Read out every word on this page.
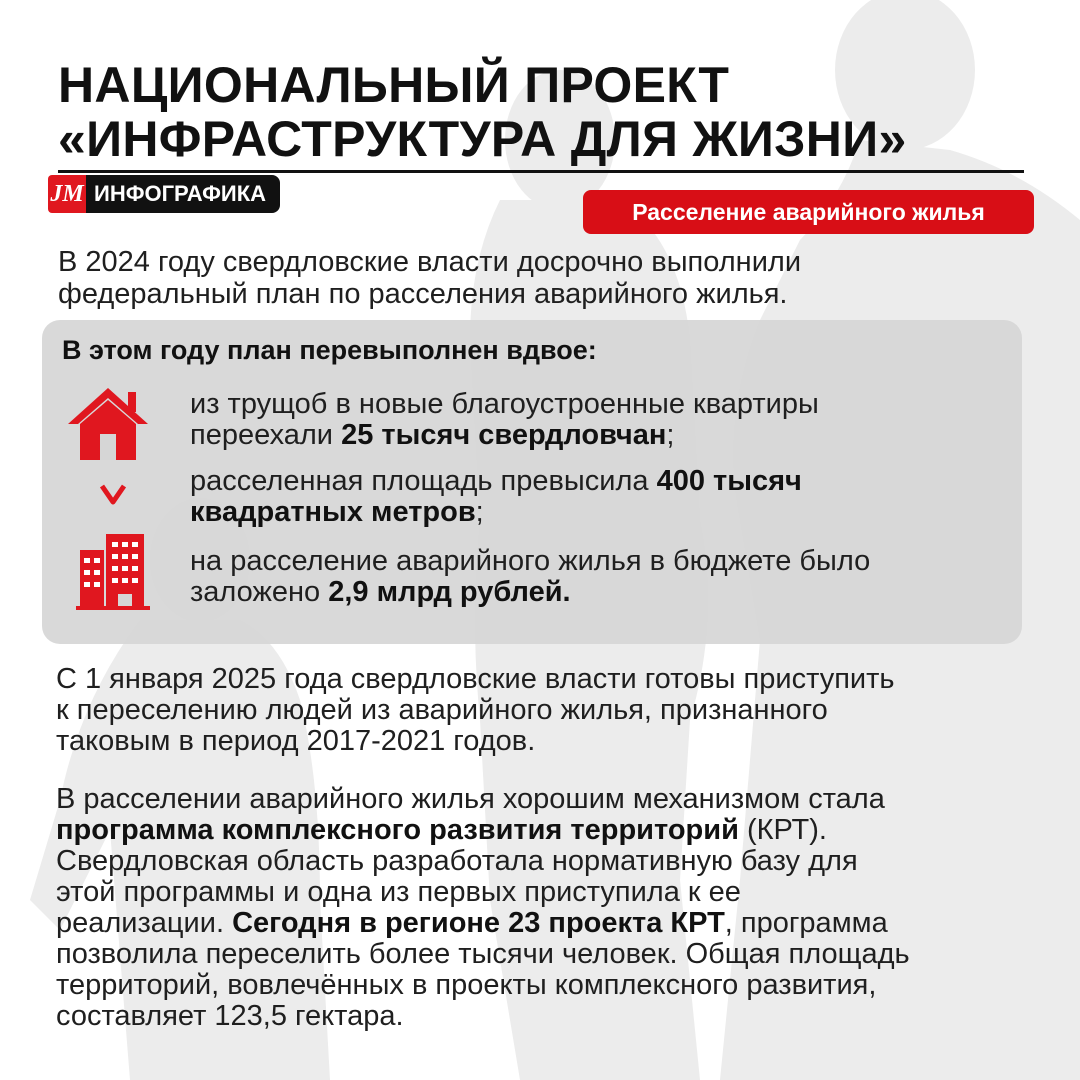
НАЦИОНАЛЬНЫЙ ПРОЕКТ
«ИНФРАСТРУКТУРА ДЛЯ ЖИЗНИ»
ЈМ ИНФОГРАФИКА
Расселение аварийного жилья
В 2024 году свердловские власти досрочно выполнили
федеральный план по расселения аварийного жилья.
В этом году план перевыполнен вдвое:
из трущоб в новые благоустроенные квартиры
переехали 25 тысяч свердловчан;
расселенная площадь превысила 400 тысяч
квадратных метров;
на расселение аварийного жилья в бюджете было
заложено 2,9 млрд рублей.
С 1 января 2025 года свердловские власти готовы приступить
к переселению людей из аварийного жилья, признанного
таковым в период 2017-2021 годов.
В расселении аварийного жилья хорошим механизмом стала
программа комплексного развития территорий (КРТ).
Свердловская область разработала нормативную базу для
этой программы и одна из первых приступила к ее
реализации. Сегодня в регионе 23 проекта КРТ, программа
позволила переселить более тысячи человек. Общая площадь
территорий, вовлечённых в проекты комплексного развития,
составляет 123,5 гектара.
